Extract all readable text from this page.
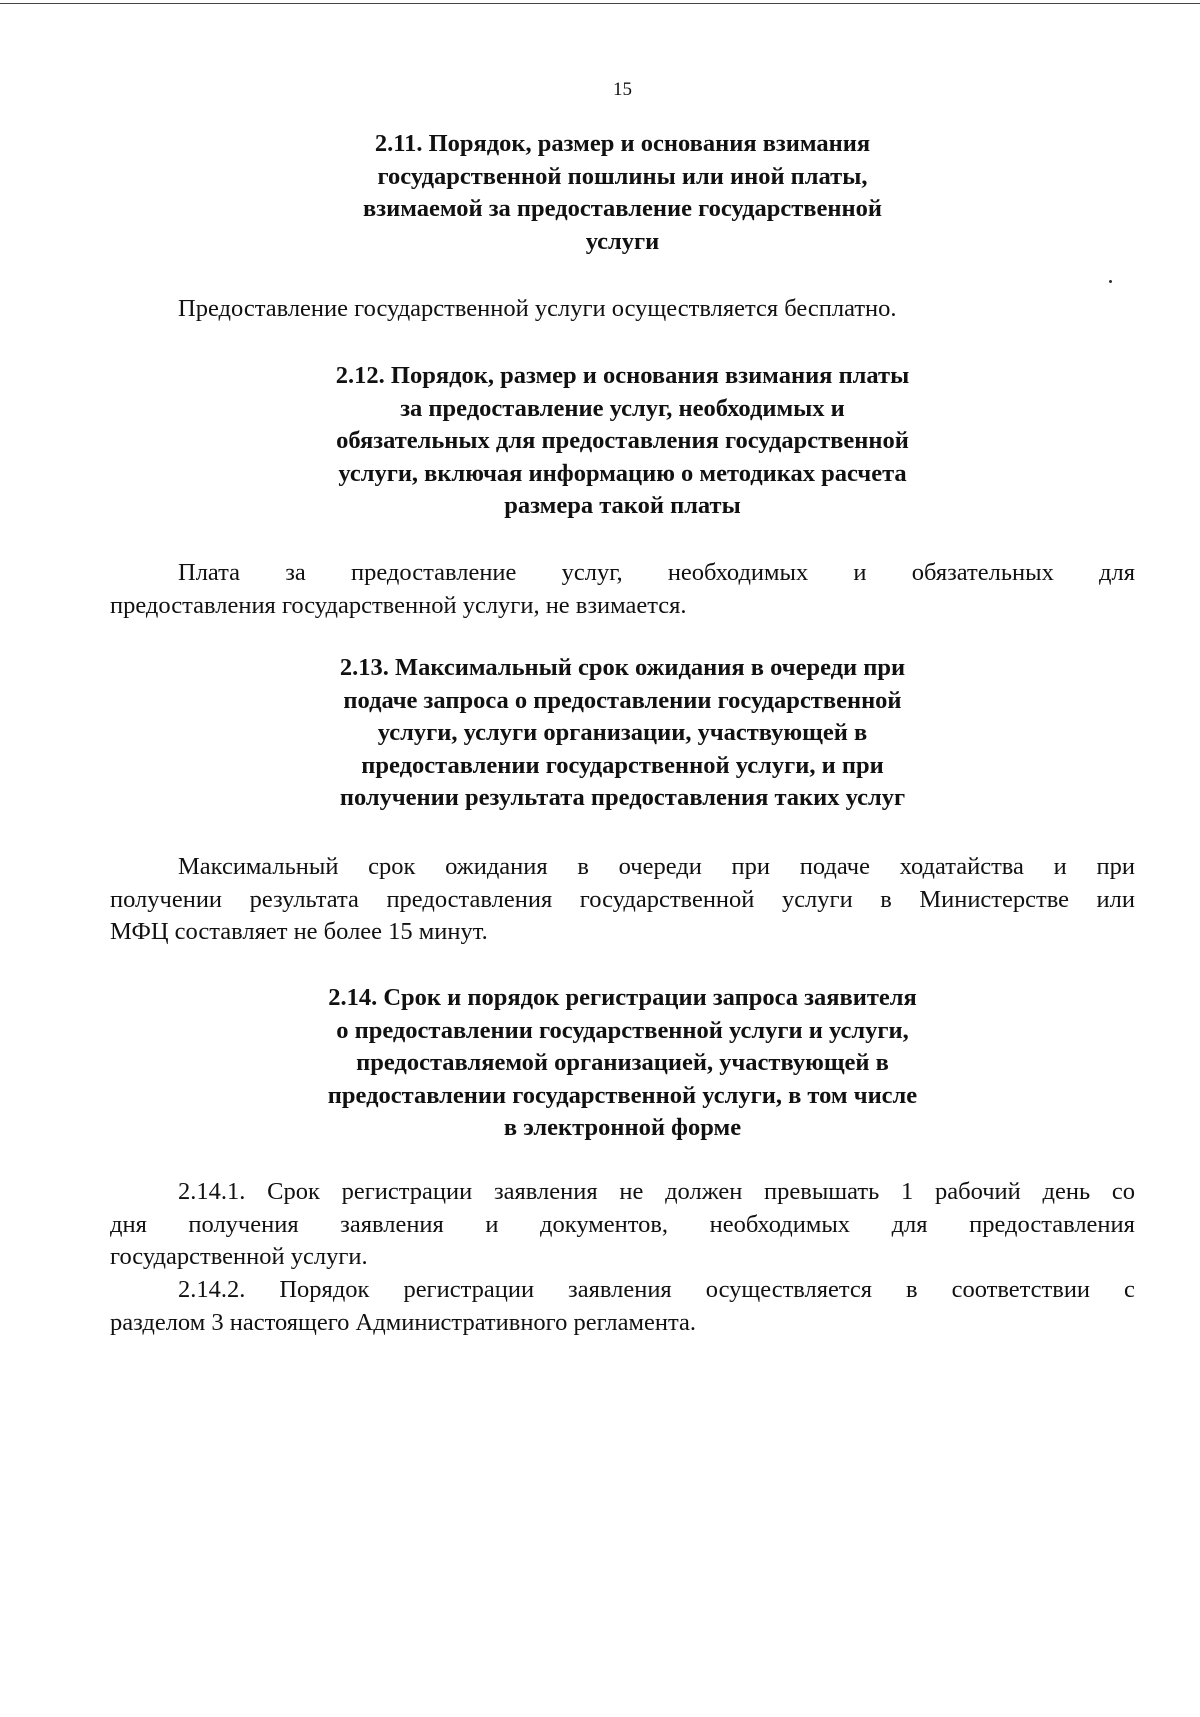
15
2.11. Порядок, размер и основания взимания
государственной пошлины или иной платы,
взимаемой за предоставление государственной
услуги
Предоставление государственной услуги осуществляется бесплатно.
2.12. Порядок, размер и основания взимания платы
за предоставление услуг, необходимых и
обязательных для предоставления государственной
услуги, включая информацию о методиках расчета
размера такой платы
Плата за предоставление услуг, необходимых и обязательных для
предоставления государственной услуги, не взимается.
2.13. Максимальный срок ожидания в очереди при
подаче запроса о предоставлении государственной
услуги, услуги организации, участвующей в
предоставлении государственной услуги, и при
получении результата предоставления таких услуг
Максимальный срок ожидания в очереди при подаче ходатайства и при
получении результата предоставления государственной услуги в Министерстве или
МФЦ составляет не более 15 минут.
2.14. Срок и порядок регистрации запроса заявителя
о предоставлении государственной услуги и услуги,
предоставляемой организацией, участвующей в
предоставлении государственной услуги, в том числе
в электронной форме
2.14.1. Срок регистрации заявления не должен превышать 1 рабочий день со
дня получения заявления и документов, необходимых для предоставления
государственной услуги.
2.14.2. Порядок регистрации заявления осуществляется в соответствии с
разделом 3 настоящего Административного регламента.
